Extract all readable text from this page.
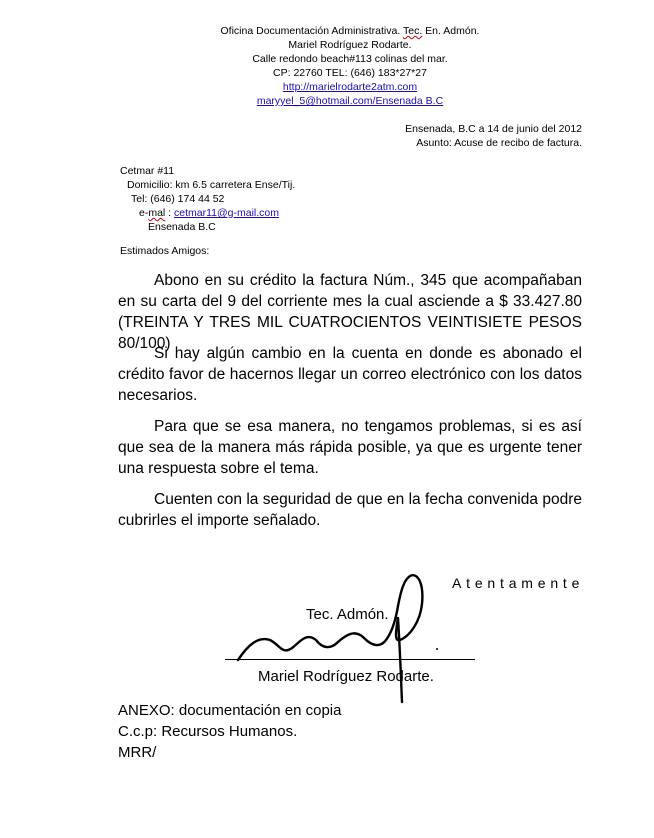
Oficina Documentación Administrativa. Tec. En. Admón.
Mariel Rodríguez Rodarte.
Calle redondo beach#113 colinas del mar.
CP: 22760 TEL: (646) 183*27*27
http://marielrodarte2atm.com
maryyel_5@hotmail.com/Ensenada B.C
Ensenada, B.C a 14 de junio del 2012
Asunto: Acuse de recibo de factura.
Cetmar #11
Domicilio: km 6.5 carretera Ense/Tij.
Tel: (646) 174 44 52
e-mal : cetmar11@g-mail.com
Ensenada B.C
Estimados Amigos:

Abono en su crédito la factura Núm., 345 que acompañaban en su carta del 9 del corriente mes la cual asciende a $ 33.427.80 (TREINTA Y TRES MIL CUATROCIENTOS VEINTISIETE PESOS 80/100)

Si hay algún cambio en la cuenta en donde es abonado el crédito favor de hacernos llegar un correo electrónico con los datos necesarios.

Para que se esa manera, no tengamos problemas, si es así que sea de la manera más rápida posible, ya que es urgente tener una respuesta sobre el tema.

Cuenten con la seguridad de que en la fecha convenida podre cubrirles el importe señalado.

Atentamente
Tec. Admón.
Mariel Rodríguez Rodarte.
ANEXO: documentación en copia
C.c.p: Recursos Humanos.
MRR/
